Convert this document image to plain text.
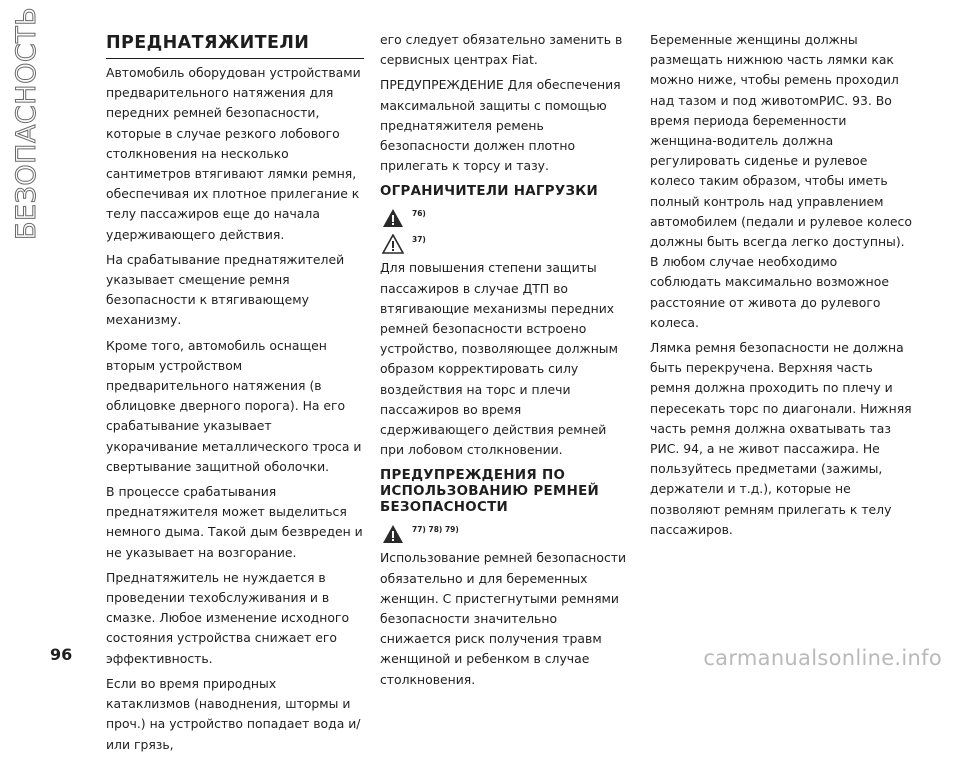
БЕЗОПАСНОСТЬ	ПРЕДНАТЯЖИТЕЛИ

Автомобиль оборудован устройствами предварительного натяжения для передних ремней безопасности, которые в случае резкого лобового столкновения на несколько сантиметров втягивают лямки ремня, обеспечивая их плотное прилегание к телу пассажиров еще до начала удерживающего действия.

На срабатывание преднатяжителей указывает смещение ремня безопасности к втягивающему механизму.

Кроме того, автомобиль оснащен вторым устройством предварительного натяжения (в облицовке дверного порога). На его срабатывание указывает укорачивание металлического троса и свертывание защитной оболочки.

В процессе срабатывания преднатяжителя может выделиться немного дыма. Такой дым безвреден и не указывает на возгорание.

Преднатяжитель не нуждается в проведении техобслуживания и в смазке. Любое изменение исходного состояния устройства снижает его эффективность.

Если во время природных катаклизмов (наводнения, штормы и проч.) на устройство попадает вода и/или грязь,

его следует обязательно заменить в сервисных центрах Fiat.

ПРЕДУПРЕЖДЕНИЕ Для обеспечения максимальной защиты с помощью преднатяжителя ремень безопасности должен плотно прилегать к торсу и тазу.

ОГРАНИЧИТЕЛИ НАГРУЗКИ
76)
37)

Для повышения степени защиты пассажиров в случае ДТП во втягивающие механизмы передних ремней безопасности встроено устройство, позволяющее должным образом корректировать силу воздействия на торс и плечи пассажиров во время сдерживающего действия ремней при лобовом столкновении.

ПРЕДУПРЕЖДЕНИЯ ПО ИСПОЛЬЗОВАНИЮ РЕМНЕЙ БЕЗОПАСНОСТИ
77) 78) 79)

Использование ремней безопасности обязательно и для беременных женщин. С пристегнутыми ремнями безопасности значительно снижается риск получения травм женщиной и ребенком в случае столкновения.

Беременные женщины должны размещать нижнюю часть лямки как можно ниже, чтобы ремень проходил над тазом и под животомРИС. 93. Во время периода беременности женщина-водитель должна регулировать сиденье и рулевое колесо таким образом, чтобы иметь полный контроль над управлением автомобилем (педали и рулевое колесо должны быть всегда легко доступны). В любом случае необходимо соблюдать максимально возможное расстояние от живота до рулевого колеса.

Лямка ремня безопасности не должна быть перекручена. Верхняя часть ремня должна проходить по плечу и пересекать торс по диагонали. Нижняя часть ремня должна охватывать таз РИС. 94, а не живот пассажира. Не пользуйтесь предметами (зажимы, держатели и т.д.), которые не позволяют ремням прилегать к телу пассажиров.

96	carmanualsonline.info
